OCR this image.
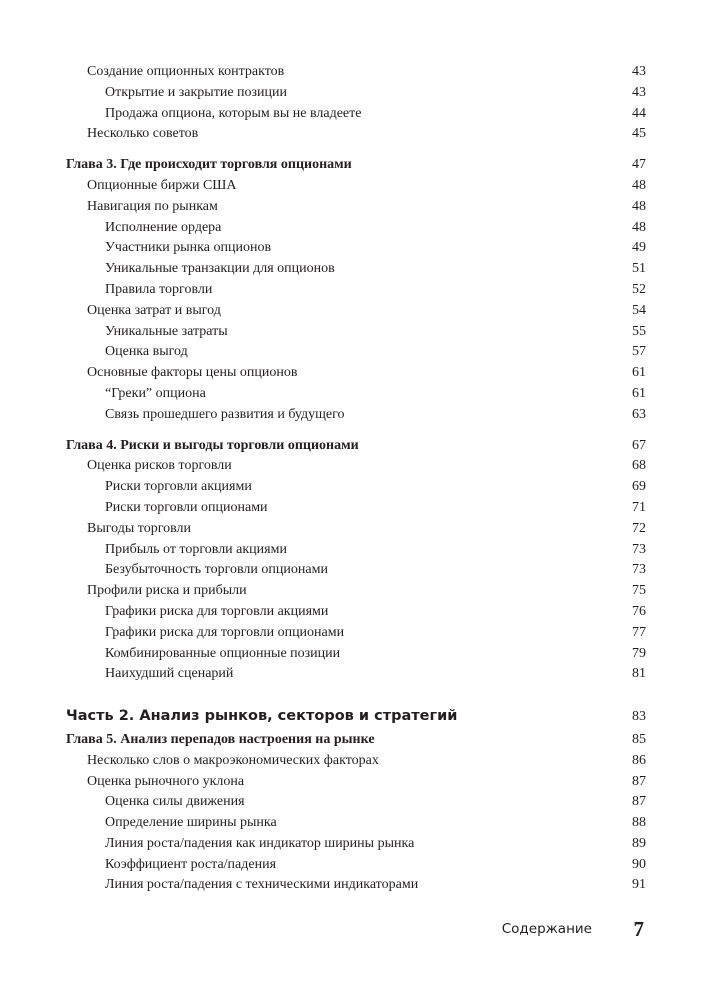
Создание опционных контрактов	43
Открытие и закрытие позиции	43
Продажа опциона, которым вы не владеете	44
Несколько советов	45
Глава 3. Где происходит торговля опционами	47
Опционные биржи США	48
Навигация по рынкам	48
Исполнение ордера	48
Участники рынка опционов	49
Уникальные транзакции для опционов	51
Правила торговли	52
Оценка затрат и выгод	54
Уникальные затраты	55
Оценка выгод	57
Основные факторы цены опционов	61
“Греки” опциона	61
Связь прошедшего развития и будущего	63
Глава 4. Риски и выгоды торговли опционами	67
Оценка рисков торговли	68
Риски торговли акциями	69
Риски торговли опционами	71
Выгоды торговли	72
Прибыль от торговли акциями	73
Безубыточность торговли опционами	73
Профили риска и прибыли	75
Графики риска для торговли акциями	76
Графики риска для торговли опционами	77
Комбинированные опционные позиции	79
Наихудший сценарий	81
Часть 2. Анализ рынков, секторов и стратегий	83
Глава 5. Анализ перепадов настроения на рынке	85
Несколько слов о макроэкономических факторах	86
Оценка рыночного уклона	87
Оценка силы движения	87
Определение ширины рынка	88
Линия роста/падения как индикатор ширины рынка	89
Коэффициент роста/падения	90
Линия роста/падения с техническими индикаторами	91
Содержание 7
